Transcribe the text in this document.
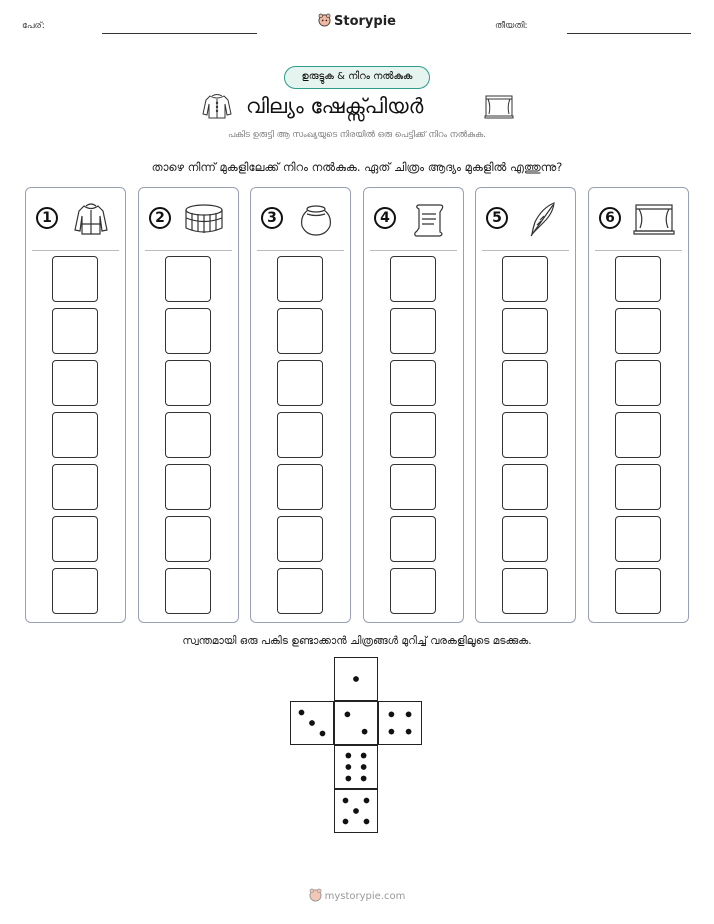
പേര്:	Storypie	തീയതി:
ഉരുട്ടുക & നിറം നൽകുക
വില്യം ഷേക്സ്പിയർ
പകിട ഉരുട്ടി ആ സംഖ്യയുടെ നിരയിൽ ഒരു പെട്ടിക്ക് നിറം നൽകുക.
താഴെ നിന്ന് മുകളിലേക്ക് നിറം നൽകുക. ഏത് ചിത്രം ആദ്യം മുകളിൽ എത്തുന്നു?
1	2	3	4	5	6
സ്വന്തമായി ഒരു പകിട ഉണ്ടാക്കാൻ ചിത്രങ്ങൾ മുറിച്ച് വരകളിലൂടെ മടക്കുക.
mystorypie.com
